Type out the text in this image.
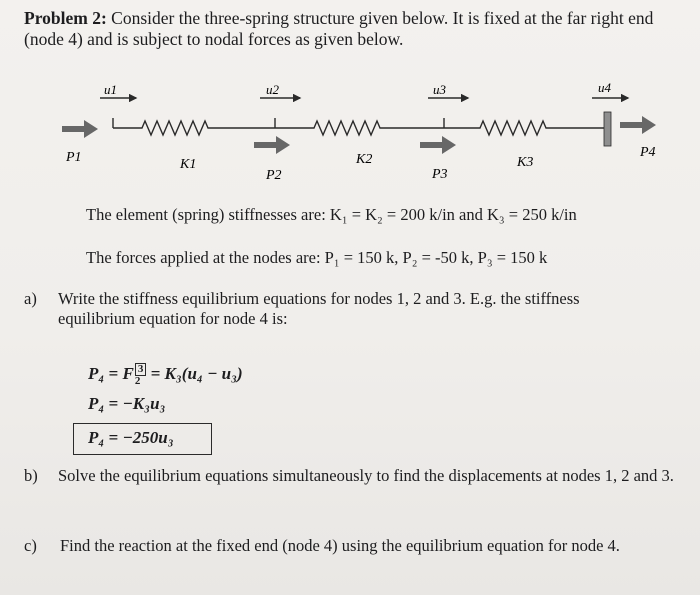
Problem 2: Consider the three-spring structure given below. It is fixed at the far right end (node 4) and is subject to nodal forces as given below.
u1	u2	u3	u4
P1
P2	P3
P4
K1	K2	K3
The element (spring) stiffnesses are: K₁ = K₂ = 200 k/in and K₃ = 250 k/in
The forces applied at the nodes are: P₁ = 150 k, P₂ = -50 k, P₃ = 150 k
a) Write the stiffness equilibrium equations for nodes 1, 2 and 3. E.g. the stiffness equilibrium equation for node 4 is:
P₄ = F $\frac{3}{2} = K_3(u_4 - u_3)$
P₄ = −K₃u₃
P₄ = −250u₃
b) Solve the equilibrium equations simultaneously to find the displacements at nodes 1, 2 and 3.
c) Find the reaction at the fixed end (node 4) using the equilibrium equation for node 4.
